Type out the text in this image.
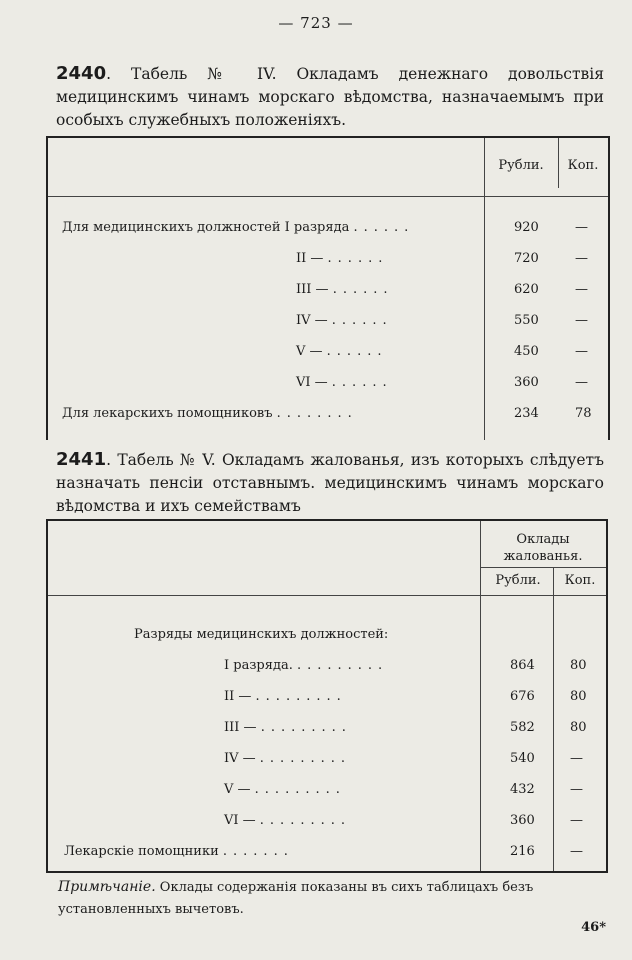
— 723 —
2440. Табель № IV. Окладамъ денежнаго довольствія медицинскимъ чинамъ морскаго вѣдомства, назначаемымъ при особыхъ служебныхъ положеніяхъ.
Рубли.	Коп.
Для медицинскихъ должностей I разряда ......	920	—
II — ......	720	—
III — ......	620	—
IV — ......	550	—
V — ......	450	—
VI — ......	360	—
Для лекарскихъ помощниковъ ........	234	78
2441. Табель № V. Окладамъ жалованья, изъ которыхъ слѣдуетъ назначать пенсіи отставнымъ. медицинскимъ чинамъ морскаго вѣдомства и ихъ семействамъ
Оклады жалованья.
Рубли.	Коп.
Разряды медицинскихъ должностей:
I разряда. .........	864	80
II — .........	676	80
III — .........	582	80
IV — .........	540	—
V — .........	432	—
VI — .........	360	—
Лекарскіе помощники .......	216	—
Примѣчаніе. Оклады содержанія показаны въ сихъ таблицахъ безъ установленныхъ вычетовъ.
46*
